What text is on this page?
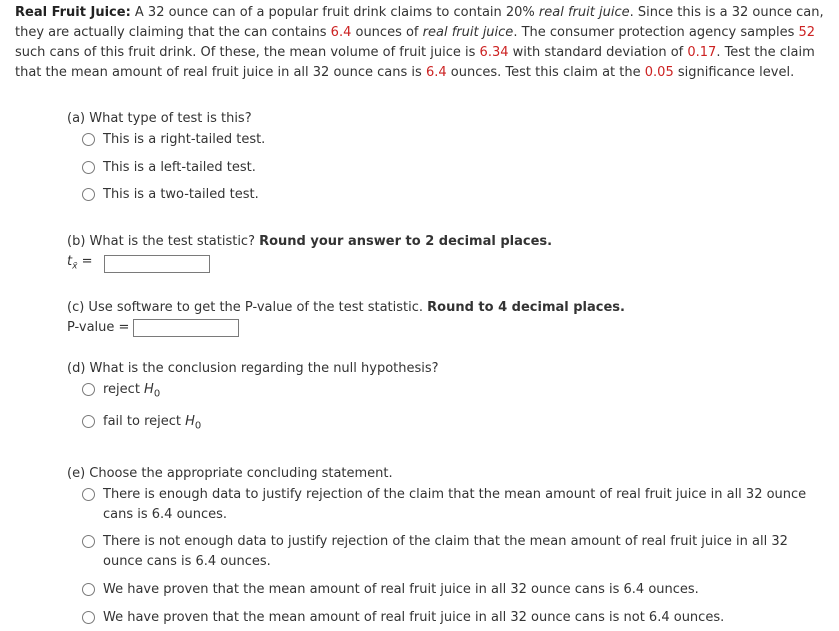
Real Fruit Juice: A 32 ounce can of a popular fruit drink claims to contain 20% real fruit juice. Since this is a 32 ounce can, they are actually claiming that the can contains 6.4 ounces of real fruit juice. The consumer protection agency samples 52 such cans of this fruit drink. Of these, the mean volume of fruit juice is 6.34 with standard deviation of 0.17. Test the claim that the mean amount of real fruit juice in all 32 ounce cans is 6.4 ounces. Test this claim at the 0.05 significance level.
(a) What type of test is this?
This is a right-tailed test.
This is a left-tailed test.
This is a two-tailed test.
(b) What is the test statistic? Round your answer to 2 decimal places.
$t_{x̄}$ =
(c) Use software to get the P-value of the test statistic. Round to 4 decimal places.
P-value =
(d) What is the conclusion regarding the null hypothesis?
reject $H_0$
fail to reject $H_0$
(e) Choose the appropriate concluding statement.
There is enough data to justify rejection of the claim that the mean amount of real fruit juice in all 32 ounce cans is 6.4 ounces.
There is not enough data to justify rejection of the claim that the mean amount of real fruit juice in all 32 ounce cans is 6.4 ounces.
We have proven that the mean amount of real fruit juice in all 32 ounce cans is 6.4 ounces.
We have proven that the mean amount of real fruit juice in all 32 ounce cans is not 6.4 ounces.
